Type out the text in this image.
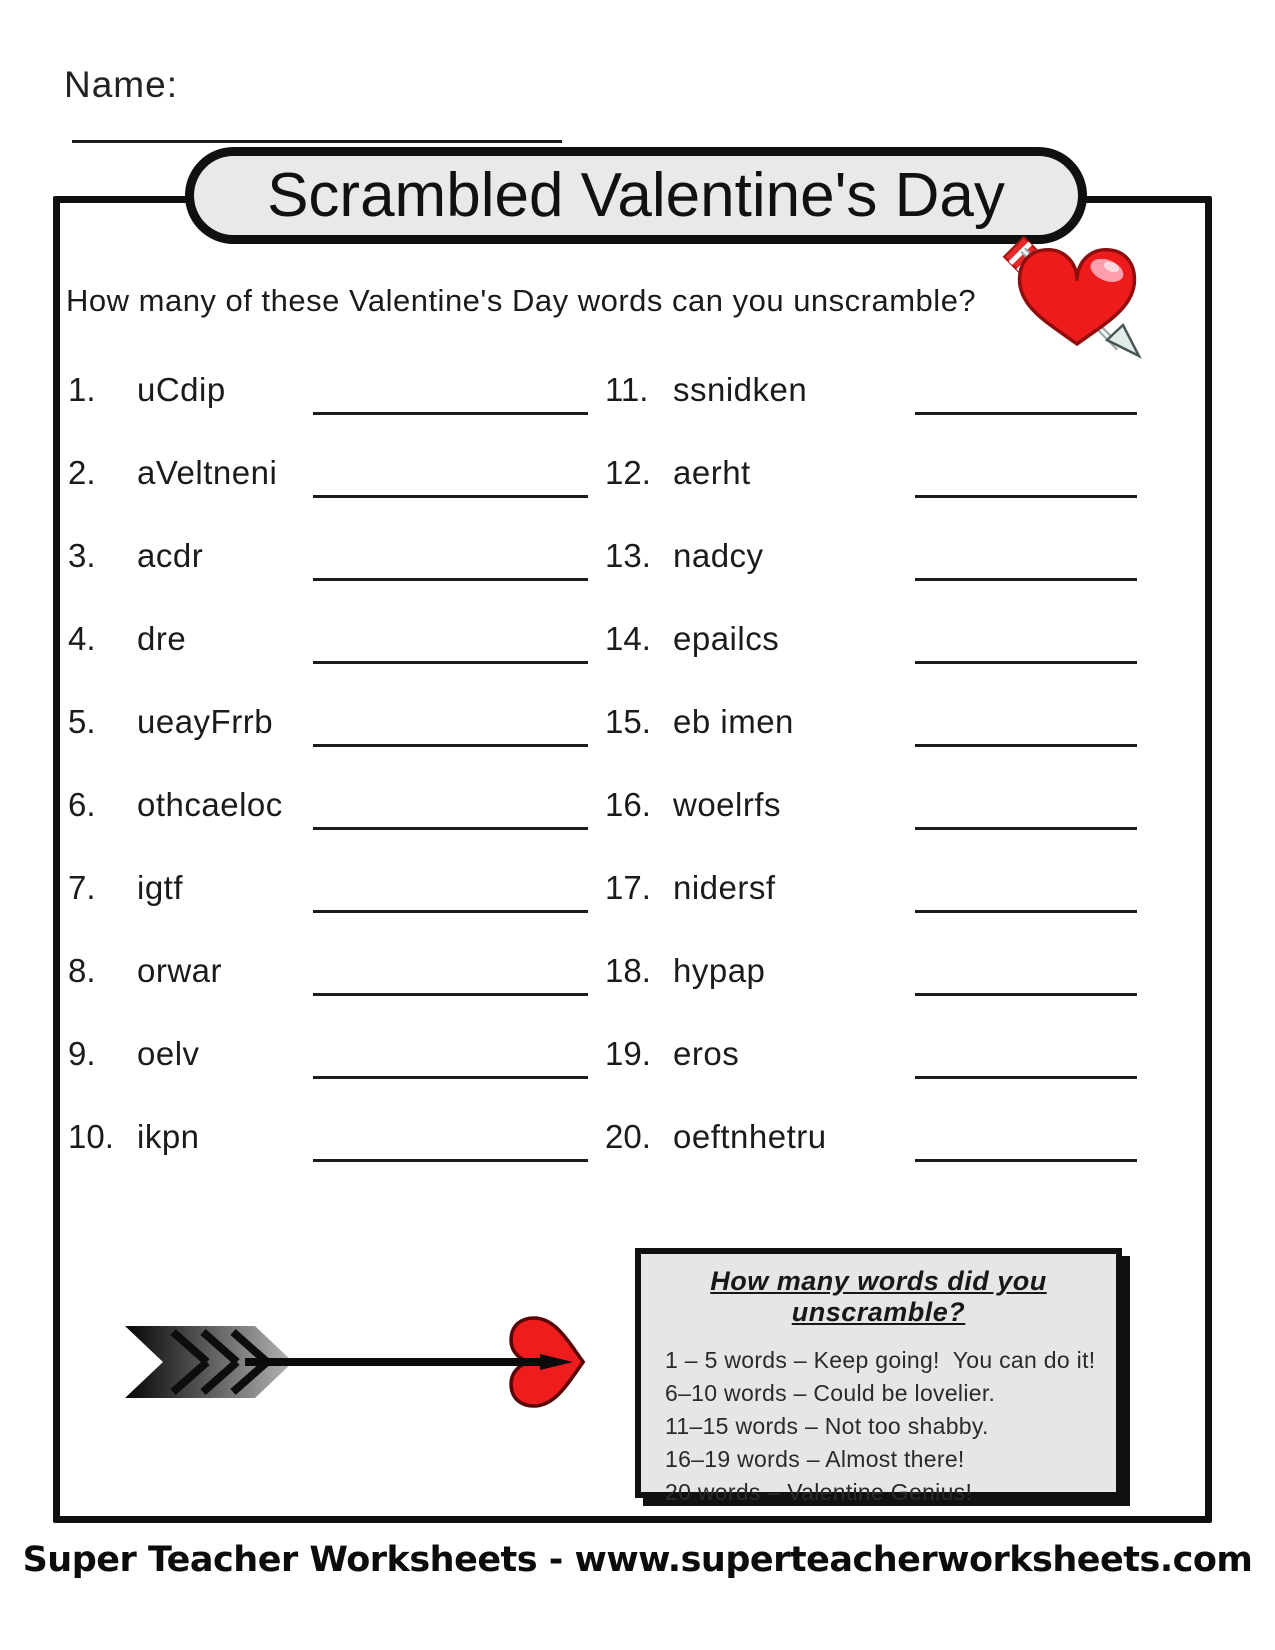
Name:
Scrambled Valentine's Day
How many of these Valentine's Day words can you unscramble?
1. uCdip
2. aVeltneni
3. acdr
4. dre
5. ueayFrrb
6. othcaeloc
7. igtf
8. orwar
9. oelv
10. ikpn
11. ssnidken
12. aerht
13. nadcy
14. epailcs
15. eb imen
16. woelrfs
17. nidersf
18. hypap
19. eros
20. oeftnhetru
How many words did you unscramble?
1 – 5 words – Keep going!  You can do it!
6–10 words – Could be lovelier.
11–15 words – Not too shabby.
16–19 words – Almost there!
20 words – Valentine Genius!
Super Teacher Worksheets - www.superteacherworksheets.com
